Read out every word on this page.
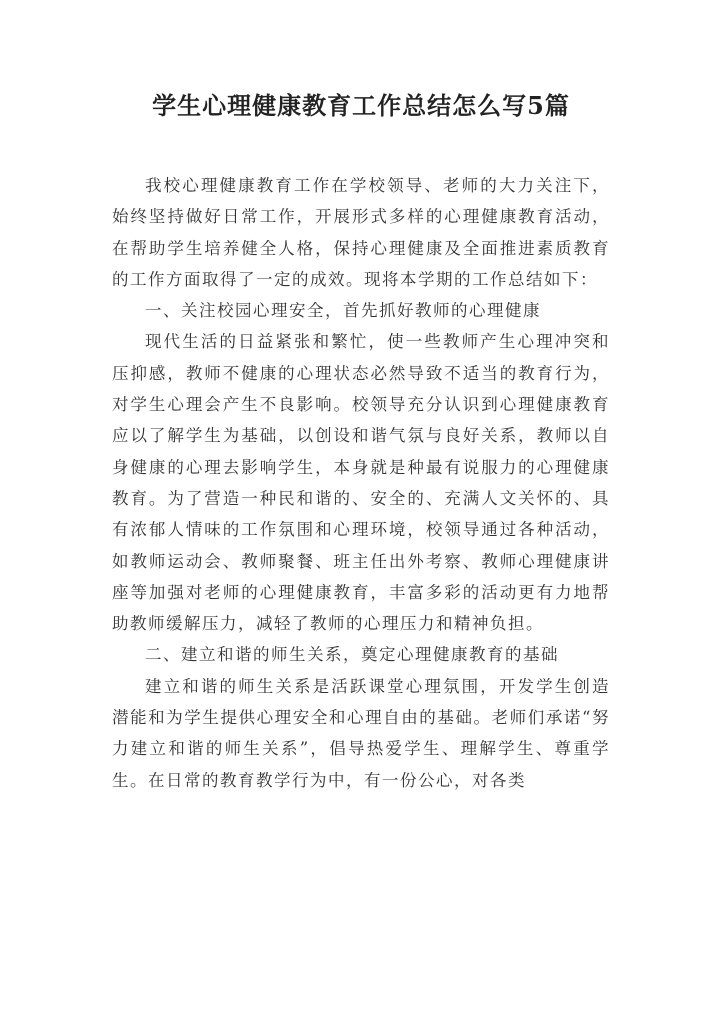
学生心理健康教育工作总结怎么写5篇

我校心理健康教育工作在学校领导、老师的大力关注下，始终坚持做好日常工作，开展形式多样的心理健康教育活动，在帮助学生培养健全人格，保持心理健康及全面推进素质教育的工作方面取得了一定的成效。现将本学期的工作总结如下：

一、关注校园心理安全，首先抓好教师的心理健康

现代生活的日益紧张和繁忙，使一些教师产生心理冲突和压抑感，教师不健康的心理状态必然导致不适当的教育行为，对学生心理会产生不良影响。校领导充分认识到心理健康教育应以了解学生为基础，以创设和谐气氛与良好关系，教师以自身健康的心理去影响学生，本身就是种最有说服力的心理健康教育。为了营造一种民和谐的、安全的、充满人文关怀的、具有浓郁人情味的工作氛围和心理环境，校领导通过各种活动，如教师运动会、教师聚餐、班主任出外考察、教师心理健康讲座等加强对老师的心理健康教育，丰富多彩的活动更有力地帮助教师缓解压力，减轻了教师的心理压力和精神负担。

二、建立和谐的师生关系，奠定心理健康教育的基础

建立和谐的师生关系是活跃课堂心理氛围，开发学生创造潜能和为学生提供心理安全和心理自由的基础。老师们承诺“努力建立和谐的师生关系”，倡导热爱学生、理解学生、尊重学生。在日常的教育教学行为中，有一份公心，对各类
